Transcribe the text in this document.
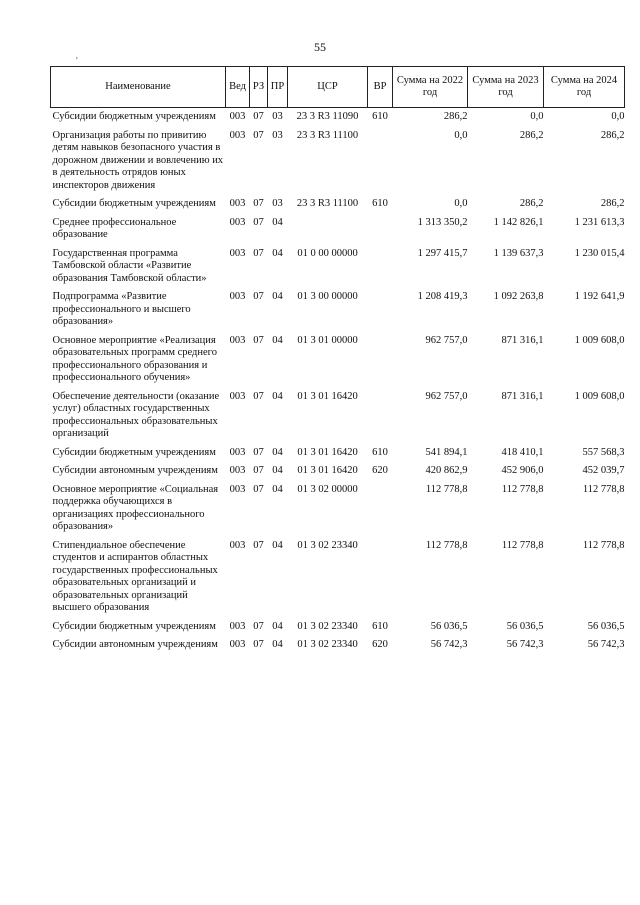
55
'
Наименование	Вед	РЗ	ПР	ЦСР	ВР	Сумма на 2022 год	Сумма на 2023 год	Сумма на 2024 год
Субсидии бюджетным учреждениям	003	07	03	23 3 R3 11090	610	286,2	0,0	0,0
Организация работы по привитию детям навыков безопасного участия в дорожном движении и вовлечению их в деятельность отрядов юных инспекторов движения	003	07	03	23 3 R3 11100		0,0	286,2	286,2
Субсидии бюджетным учреждениям	003	07	03	23 3 R3 11100	610	0,0	286,2	286,2
Среднее профессиональное образование	003	07	04			1 313 350,2	1 142 826,1	1 231 613,3
Государственная программа Тамбовской области «Развитие образования Тамбовской области»	003	07	04	01 0 00 00000		1 297 415,7	1 139 637,3	1 230 015,4
Подпрограмма «Развитие профессионального и высшего образования»	003	07	04	01 3 00 00000		1 208 419,3	1 092 263,8	1 192 641,9
Основное мероприятие «Реализация образовательных программ среднего профессионального образования и профессионального обучения»	003	07	04	01 3 01 00000		962 757,0	871 316,1	1 009 608,0
Обеспечение деятельности (оказание услуг) областных государственных профессиональных образовательных организаций	003	07	04	01 3 01 16420		962 757,0	871 316,1	1 009 608,0
Субсидии бюджетным учреждениям	003	07	04	01 3 01 16420	610	541 894,1	418 410,1	557 568,3
Субсидии автономным учреждениям	003	07	04	01 3 01 16420	620	420 862,9	452 906,0	452 039,7
Основное мероприятие «Социальная поддержка обучающихся в организациях профессионального образования»	003	07	04	01 3 02 00000		112 778,8	112 778,8	112 778,8
Стипендиальное обеспечение студентов и аспирантов областных государственных профессиональных образовательных организаций и образовательных организаций высшего образования	003	07	04	01 3 02 23340		112 778,8	112 778,8	112 778,8
Субсидии бюджетным учреждениям	003	07	04	01 3 02 23340	610	56 036,5	56 036,5	56 036,5
Субсидии автономным учреждениям	003	07	04	01 3 02 23340	620	56 742,3	56 742,3	56 742,3
